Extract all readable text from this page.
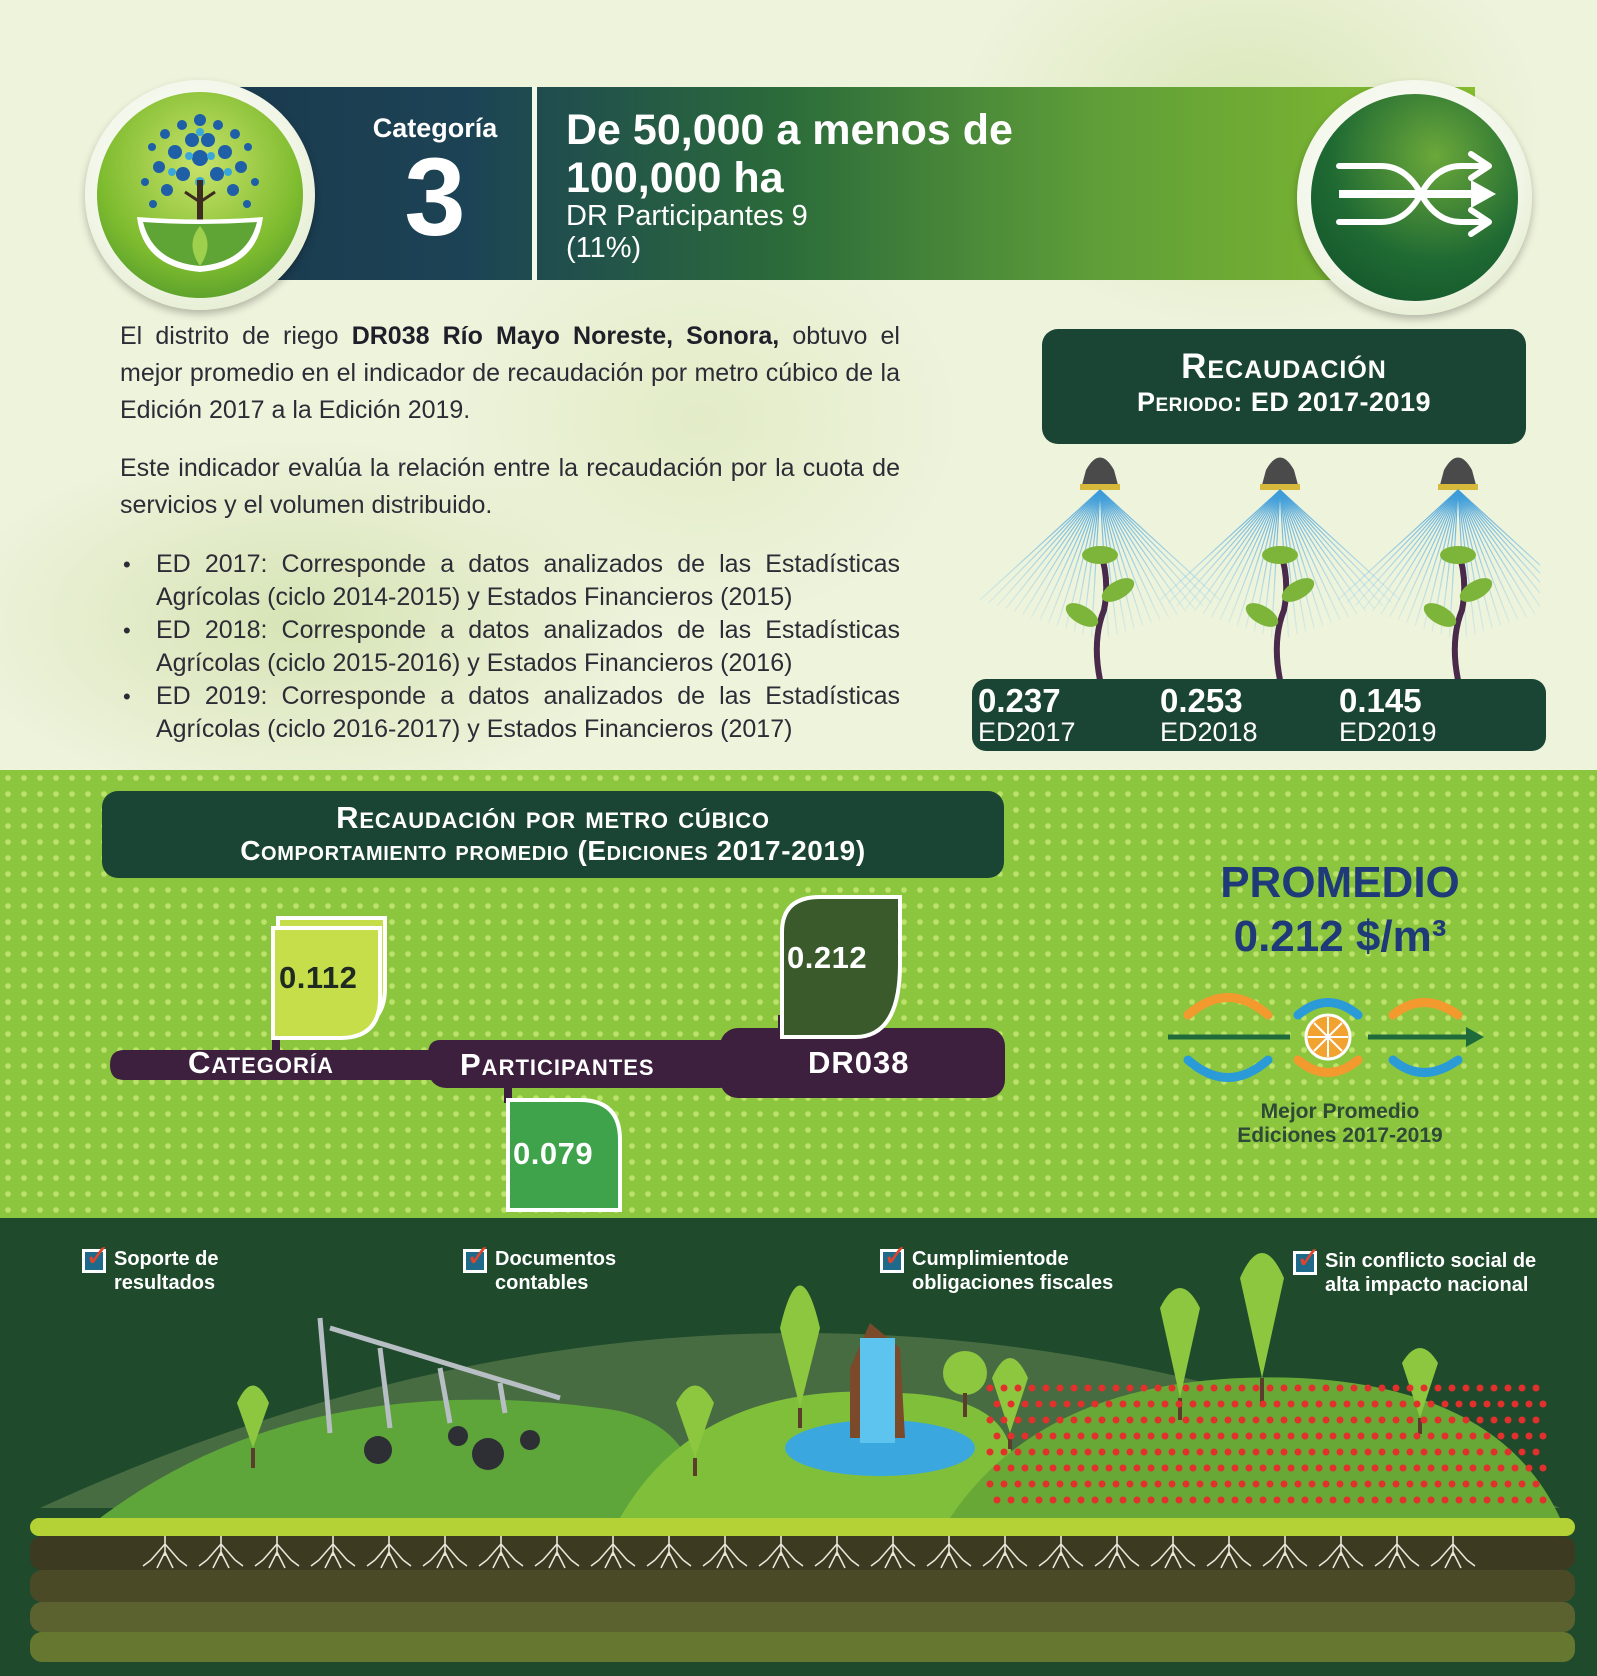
Categoría
3
De 50,000 a menos de 100,000 ha
DR Participantes 9
(11%)

El distrito de riego DR038 Río Mayo Noreste, Sonora, obtuvo el mejor promedio en el indicador de recaudación por metro cúbico de la Edición 2017 a la Edición 2019.

Este indicador evalúa la relación entre la recaudación por la cuota de servicios y el volumen distribuido.

• ED 2017: Corresponde a datos analizados de las Estadísticas Agrícolas (ciclo 2014-2015) y Estados Financieros (2015)
• ED 2018: Corresponde a datos analizados de las Estadísticas Agrícolas (ciclo 2015-2016) y Estados Financieros (2016)
• ED 2019: Corresponde a datos analizados de las Estadísticas Agrícolas (ciclo 2016-2017) y Estados Financieros (2017)
Recaudación
Periodo: ED 2017-2019
0.237
ED2017
0.253
ED2018
0.145
ED2019
Recaudación por metro cúbico
Comportamiento promedio (Ediciones 2017-2019)
0.112
0.079
0.212
Categoría	Participantes	DR038
PROMEDIO
0.212 $/m³
Mejor Promedio
Ediciones 2017-2019
✓ Soporte de
resultados
✓ Documentos
contables
✓ Cumplimientode
obligaciones fiscales
✓ Sin conflicto social de
alta impacto nacional
